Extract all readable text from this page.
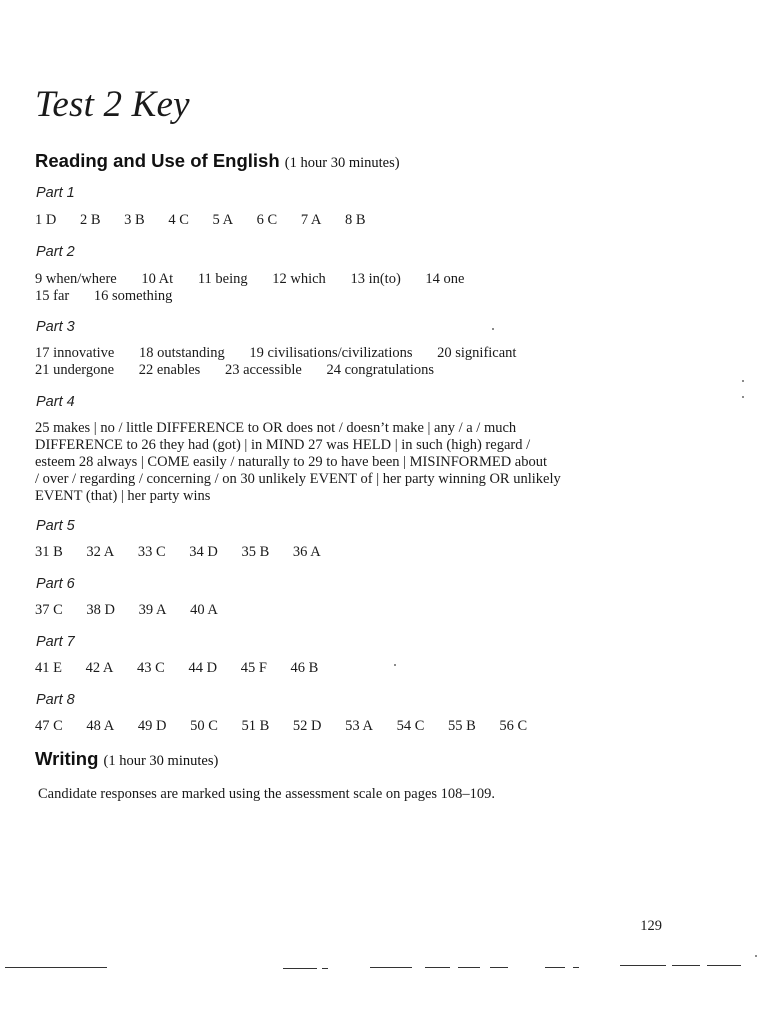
Test 2 Key
Reading and Use of English (1 hour 30 minutes)
Part 1
1 D 2 B 3 B 4 C 5 A 6 C 7 A 8 B
Part 2
9 when/where 10 At 11 being 12 which 13 in(to) 14 one
15 far 16 something
Part 3
17 innovative 18 outstanding 19 civilisations/civilizations 20 significant
21 undergone 22 enables 23 accessible 24 congratulations
Part 4
25 makes | no / little DIFFERENCE to OR does not / doesn’t make | any / a / much
DIFFERENCE to 26 they had (got) | in MIND 27 was HELD | in such (high) regard /
esteem 28 always | COME easily / naturally to 29 to have been | MISINFORMED about
/ over / regarding / concerning / on 30 unlikely EVENT of | her party winning OR unlikely
EVENT (that) | her party wins
Part 5
31 B 32 A 33 C 34 D 35 B 36 A
Part 6
37 C 38 D 39 A 40 A
Part 7
41 E 42 A 43 C 44 D 45 F 46 B
Part 8
47 C 48 A 49 D 50 C 51 B 52 D 53 A 54 C 55 B 56 C
Writing (1 hour 30 minutes)

Candidate responses are marked using the assessment scale on pages 108–109.

129
